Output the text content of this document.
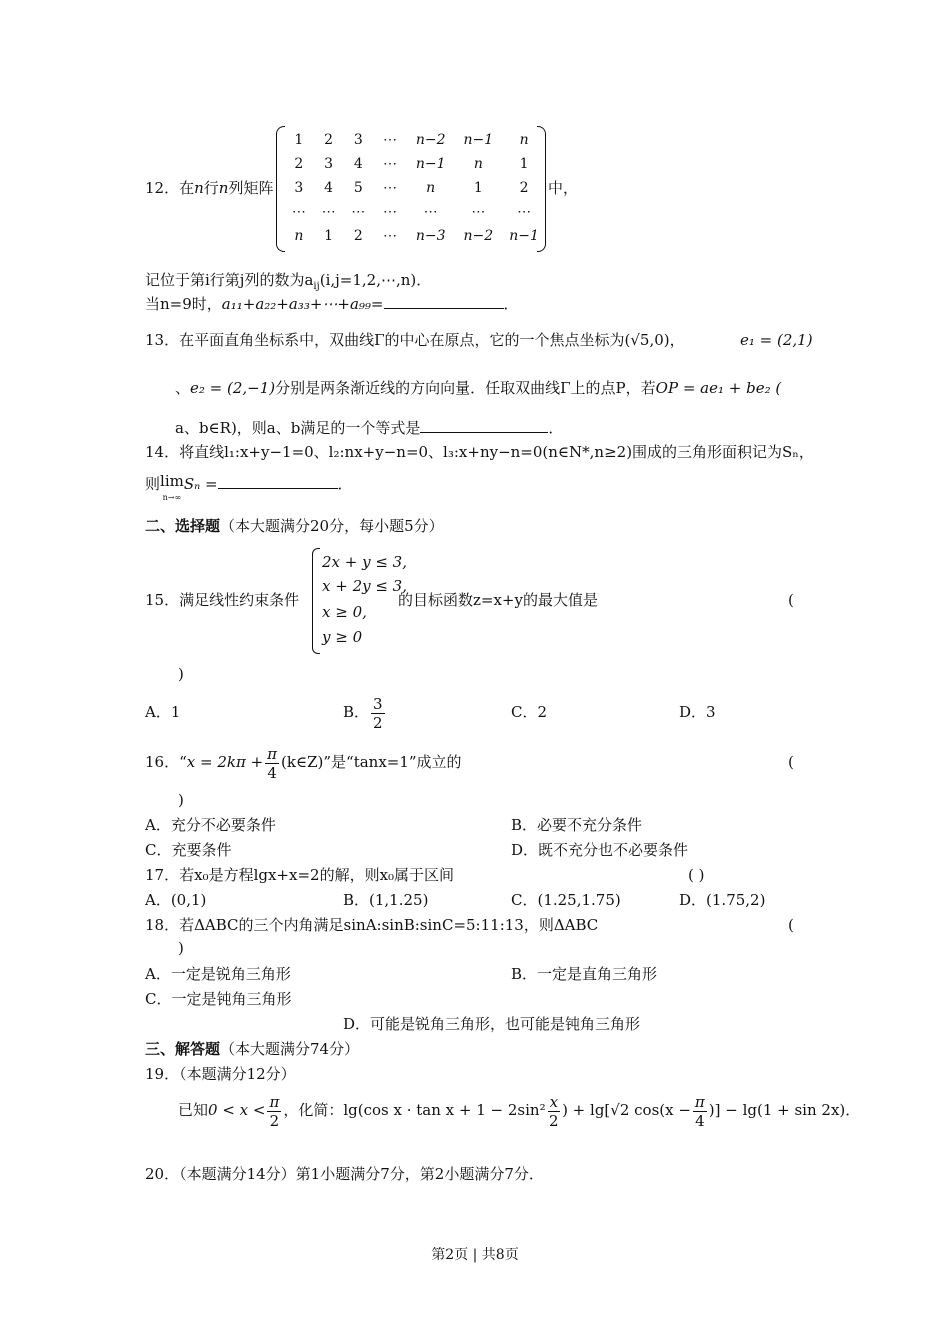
12．在n行n列矩阵
1	2	3	⋯	n−2	n−1	n
2	3	4	⋯	n−1	n	1
3	4	5	⋯	n	1	2
⋯	⋯	⋯	⋯	⋯	⋯	⋯
n	1	2	⋯	n−3	n−2	n−1
中，
记位于第i行第j列的数为$a_{ij}(i,j=1,2,\cdots,n)$．
当n=9时，a₁₁+a₂₂+a₃₃+⋯+a₉₉=	．
13．在平面直角坐标系中，双曲线Γ的中心在原点，它的一个焦点坐标为(√5,0)，	e₁ = (2,1)
、e₂ = (2,−1)分别是两条渐近线的方向向量．任取双曲线Γ上的点P，若OP = ae₁ + be₂ (
a、b∈R)，则a、b满足的一个等式是	．
14．将直线l₁:x+y−1=0、l₂:nx+y−n=0、l₃:x+ny−n=0(n∈N*,n≥2)围成的三角形面积记为Sₙ，
则lim
n→∞Sₙ =	．
二、选择题（本大题满分20分，每小题5分）
15．满足线性约束条件
2x + y ≤ 3,
x + 2y ≤ 3,
x ≥ 0,
y ≥ 0
的目标函数z=x+y的最大值是	(
)
A．1	B． $\frac{3}{2}$	C．2	D．3
16．“$x = 2k\pi + \frac{\pi}{4}$ (k∈Z)”是“tanx=1”成立的	(
)
A．充分不必要条件	B．必要不充分条件
C．充要条件	D．既不充分也不必要条件
17．若x₀是方程lgx+x=2的解，则x₀属于区间	( )
A．(0,1)	B．(1,1.25)	C．(1.25,1.75)	D．(1.75,2)
18．若ΔABC的三个内角满足sinA:sinB:sinC=5:11:13，则ΔABC	(
)
A．一定是锐角三角形	B．一定是直角三角形
C．一定是钝角三角形
D．可能是锐角三角形，也可能是钝角三角形
三、解答题（本大题满分74分）
19．（本题满分12分）
已知$0 < x < \frac{\pi}{2}$ ，化简：lg(cos $x \cdot \tan x + 1 - 2\sin^2 \frac{x}{2}$ ) + lg[√2 $\cos(x - \frac{\pi}{4}$ )] − lg(1 + sin 2x)．
20．（本题满分14分）第1小题满分7分，第2小题满分7分．
第2页 | 共8页
